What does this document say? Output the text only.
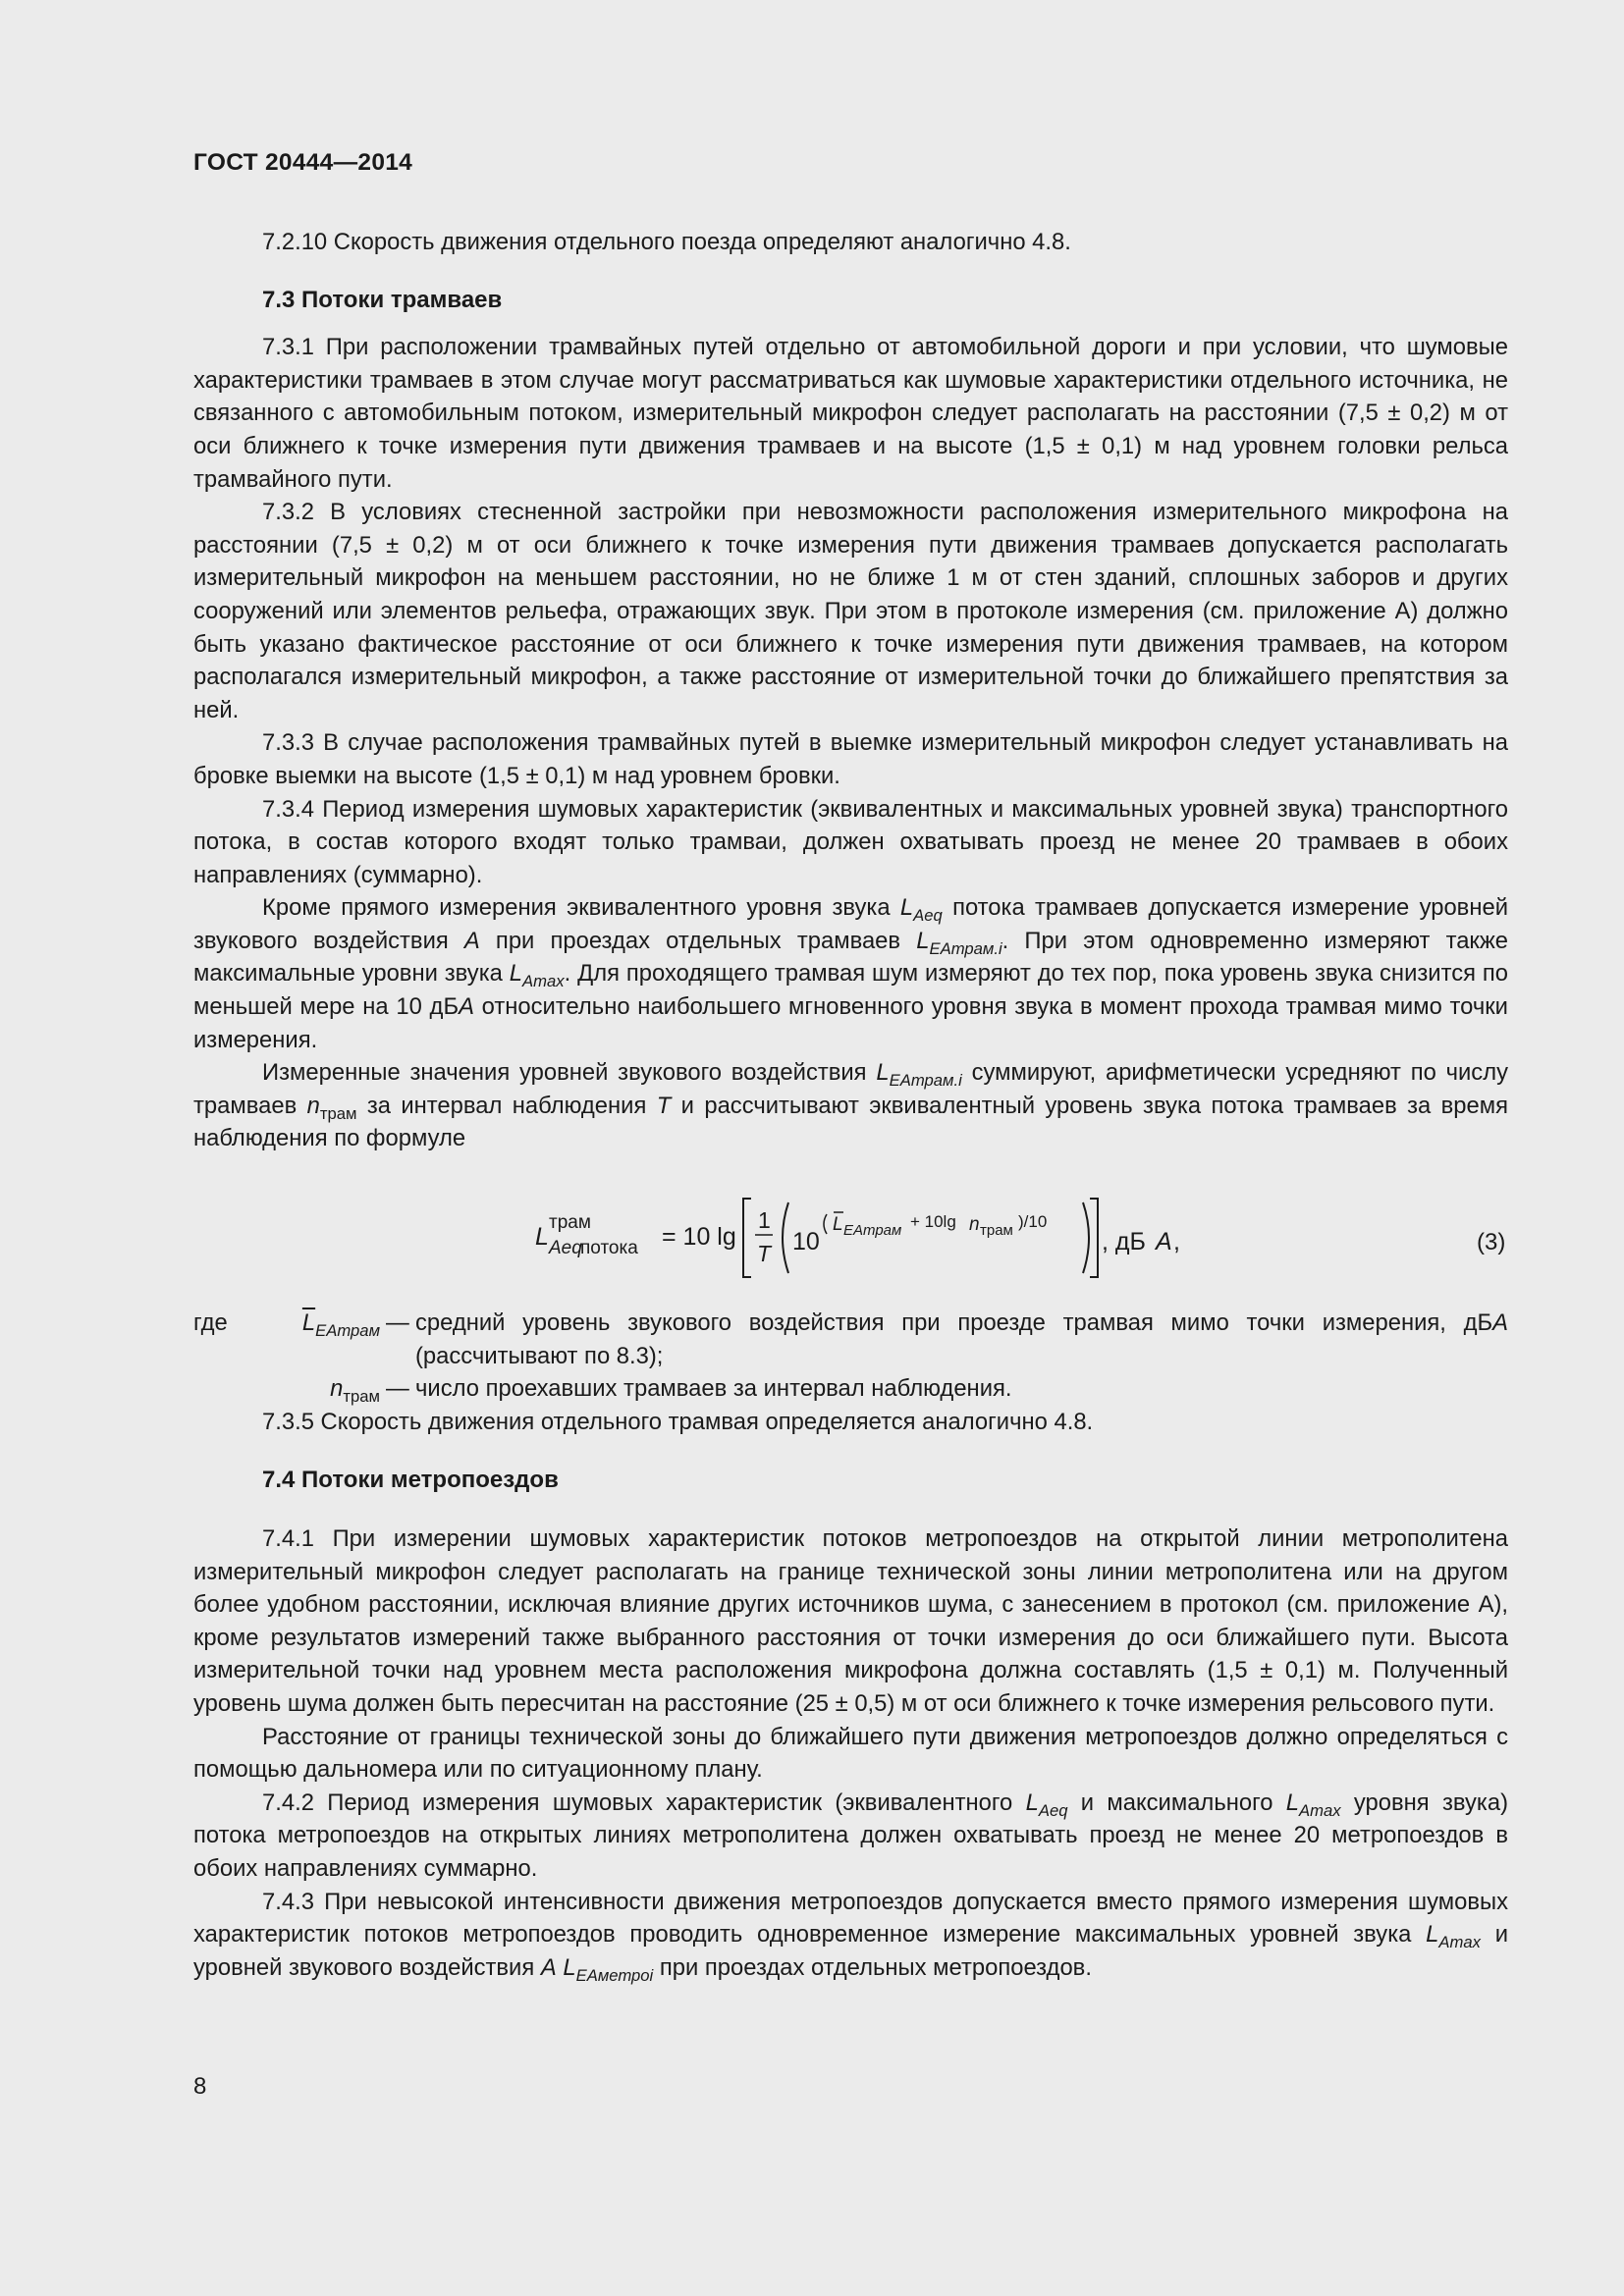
ГОСТ 20444—2014

7.2.10 Скорость движения отдельного поезда определяют аналогично 4.8.

7.3 Потоки трамваев

7.3.1 При расположении трамвайных путей отдельно от автомобильной дороги и при условии, что шумовые характеристики трамваев в этом случае могут рассматриваться как шумовые характеристики отдельного источника, не связанного с автомобильным потоком, измерительный микрофон следует располагать на расстоянии (7,5 ± 0,2) м от оси ближнего к точке измерения пути движения трамваев и на высоте (1,5 ± 0,1) м над уровнем головки рельса трамвайного пути.

7.3.2 В условиях стесненной застройки при невозможности расположения измерительного микрофона на расстоянии (7,5 ± 0,2) м от оси ближнего к точке измерения пути движения трамваев допускается располагать измерительный микрофон на меньшем расстоянии, но не ближе 1 м от стен зданий, сплошных заборов и других сооружений или элементов рельефа, отражающих звук. При этом в протоколе измерения (см. приложение А) должно быть указано фактическое расстояние от оси ближнего к точке измерения пути движения трамваев, на котором располагался измерительный микрофон, а также расстояние от измерительной точки до ближайшего препятствия за ней.

7.3.3 В случае расположения трамвайных путей в выемке измерительный микрофон следует устанавливать на бровке выемки на высоте (1,5 ± 0,1) м над уровнем бровки.

7.3.4 Период измерения шумовых характеристик (эквивалентных и максимальных уровней звука) транспортного потока, в состав которого входят только трамваи, должен охватывать проезд не менее 20 трамваев в обоих направлениях (суммарно).

Кроме прямого измерения эквивалентного уровня звука $L_{Aeq}$ потока трамваев допускается измерение уровней звукового воздействия A при проездах отдельных трамваев $L_{EAтрам.i}$. При этом одновременно измеряют также максимальные уровни звука $L_{Amax}$. Для проходящего трамвая шум измеряют до тех пор, пока уровень звука снизится по меньшей мере на 10 дБA относительно наибольшего мгновенного уровня звука в момент прохода трамвая мимо точки измерения.

Измеренные значения уровней звукового воздействия $L_{EAтрам.i}$ суммируют, арифметически усредняют по числу трамваев $n_{трам}$ за интервал наблюдения T и рассчитывают эквивалентный уровень звука потока трамваев за время наблюдения по формуле

L
трам
Aeq
потока = 10 lg
1
T 10
L EAтрам + 10lg n трам )/10
, дБ A ,	(3)
где	$\overline{L}_{EAтрам}$ — средний уровень звукового воздействия при проезде трамвая мимо точки измерения, дБA (рассчитывают по 8.3);
$n_{трам}$ — число проехавших трамваев за интервал наблюдения.

7.3.5 Скорость движения отдельного трамвая определяется аналогично 4.8.

7.4 Потоки метропоездов

7.4.1 При измерении шумовых характеристик потоков метропоездов на открытой линии метрополитена измерительный микрофон следует располагать на границе технической зоны линии метрополитена или на другом более удобном расстоянии, исключая влияние других источников шума, с занесением в протокол (см. приложение А), кроме результатов измерений также выбранного расстояния от точки измерения до оси ближайшего пути. Высота измерительной точки над уровнем места расположения микрофона должна составлять (1,5 ± 0,1) м. Полученный уровень шума должен быть пересчитан на расстояние (25 ± 0,5) м от оси ближнего к точке измерения рельсового пути.

Расстояние от границы технической зоны до ближайшего пути движения метропоездов должно определяться с помощью дальномера или по ситуационному плану.

7.4.2 Период измерения шумовых характеристик (эквивалентного $L_{Aeq}$ и максимального $L_{Amax}$ уровня звука) потока метропоездов на открытых линиях метрополитена должен охватывать проезд не менее 20 метропоездов в обоих направлениях суммарно.

7.4.3 При невысокой интенсивности движения метропоездов допускается вместо прямого измерения шумовых характеристик потоков метропоездов проводить одновременное измерение максимальных уровней звука $L_{Amax}$ и уровней звукового воздействия A $L_{EAметроi}$ при проездах отдельных метропоездов.

8
